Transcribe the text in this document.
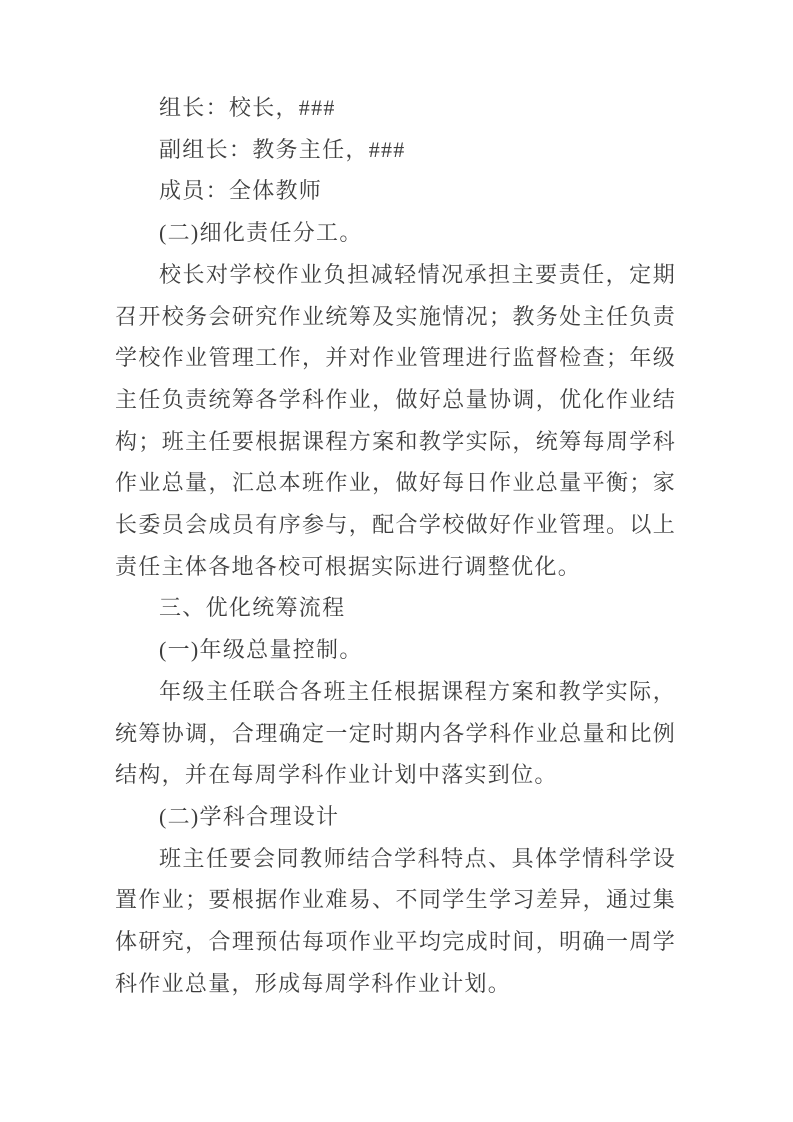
组长：校长，###

副组长：教务主任，###

成员：全体教师

(二)细化责任分工。

校长对学校作业负担减轻情况承担主要责任，定期召开校务会研究作业统筹及实施情况；教务处主任负责学校作业管理工作，并对作业管理进行监督检查；年级主任负责统筹各学科作业，做好总量协调，优化作业结构；班主任要根据课程方案和教学实际，统筹每周学科作业总量，汇总本班作业，做好每日作业总量平衡；家长委员会成员有序参与，配合学校做好作业管理。以上责任主体各地各校可根据实际进行调整优化。

三、优化统筹流程

(一)年级总量控制。

年级主任联合各班主任根据课程方案和教学实际，统筹协调，合理确定一定时期内各学科作业总量和比例结构，并在每周学科作业计划中落实到位。

(二)学科合理设计

班主任要会同教师结合学科特点、具体学情科学设置作业；要根据作业难易、不同学生学习差异，通过集体研究，合理预估每项作业平均完成时间，明确一周学科作业总量，形成每周学科作业计划。
